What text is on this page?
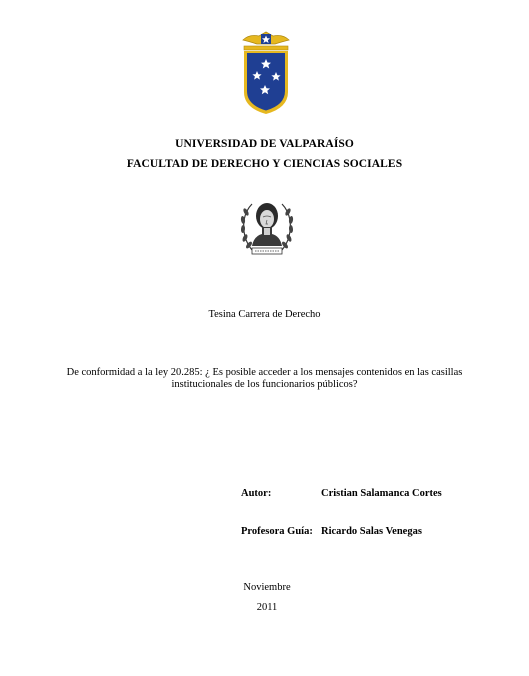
UNIVERSIDAD DE VALPARAÍSO
FACULTAD DE DERECHO Y CIENCIAS SOCIALES
Tesina Carrera de Derecho
De conformidad a la ley 20.285: ¿ Es posible acceder a los mensajes contenidos en las casillas
institucionales de los funcionarios públicos?
Autor:	Cristian Salamanca Cortes
Profesora Guía: Ricardo Salas Venegas
Noviembre
2011
